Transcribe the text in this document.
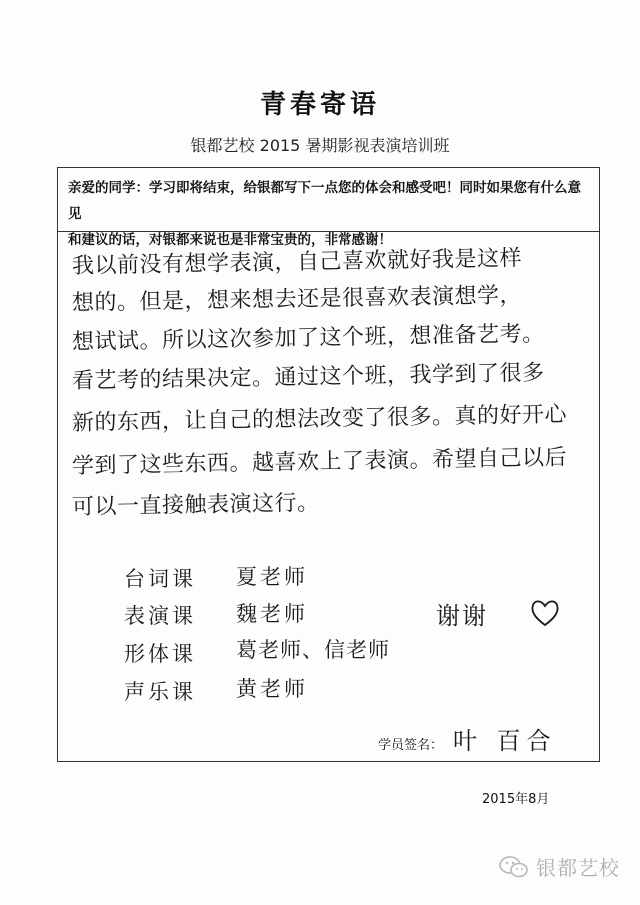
青春寄语
银都艺校 2015 暑期影视表演培训班
亲爱的同学：学习即将结束，给银都写下一点您的体会和感受吧！同时如果您有什么意见
和建议的话，对银都来说也是非常宝贵的，非常感谢！
我以前没有想学表演，自己喜欢就好我是这样
想的。但是，想来想去还是很喜欢表演想学，
想试试。所以这次参加了这个班，想准备艺考。
看艺考的结果决定。通过这个班，我学到了很多
新的东西，让自己的想法改变了很多。真的好开心
学到了这些东西。越喜欢上了表演。希望自己以后
可以一直接触表演这行。
台词课 夏老师
表演课 魏老师
形体课 葛老师、信老师
声乐课 黄老师
谢谢
学员签名： 叶 百合
2015年8月
银都艺校
